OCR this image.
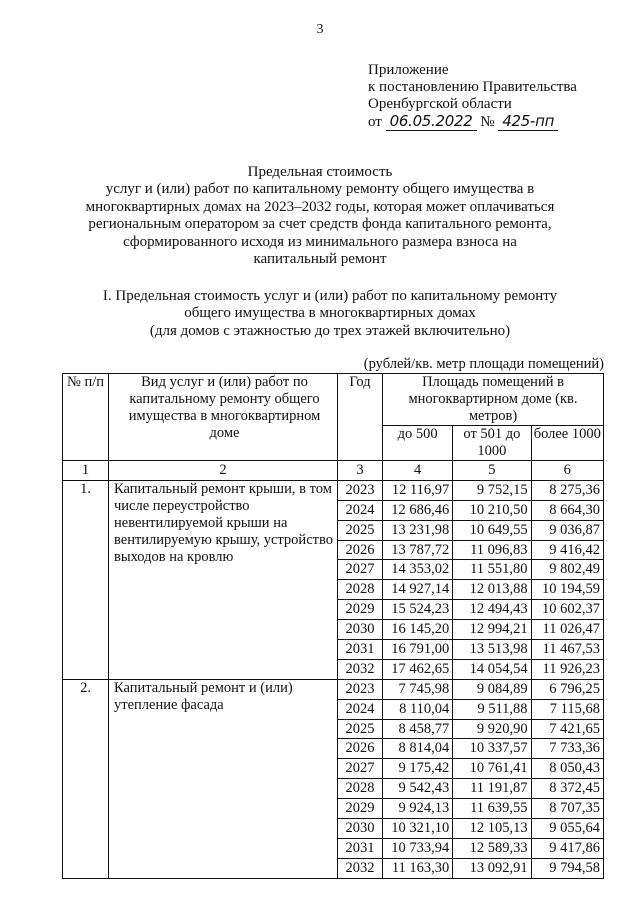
3
Приложение
к постановлению Правительства
Оренбургской области
от 06.05.2022 № 425-пп
Предельная стоимость
услуг и (или) работ по капитальному ремонту общего имущества в
многоквартирных домах на 2023–2032 годы, которая может оплачиваться
региональным оператором за счет средств фонда капитального ремонта,
сформированного исходя из минимального размера взноса на
капитальный ремонт
I. Предельная стоимость услуг и (или) работ по капитальному ремонту
общего имущества в многоквартирных домах
(для домов с этажностью до трех этажей включительно)
(рублей/кв. метр площади помещений)
№ п/п	Вид услуг и (или) работ по капитальному ремонту общего имущества в многоквартирном доме	Год	Площадь помещений в многоквартирном доме (кв. метров)		
			до 500	от 501 до 1000	более 1000
1	2	3	4	5	6
1.	Капитальный ремонт крыши, в том числе переустройство невентилируемой крыши на вентилируемую крышу, устройство выходов на кровлю	2023	12 116,97	9 752,15	8 275,36
		2024	12 686,46	10 210,50	8 664,30
		2025	13 231,98	10 649,55	9 036,87
		2026	13 787,72	11 096,83	9 416,42
		2027	14 353,02	11 551,80	9 802,49
		2028	14 927,14	12 013,88	10 194,59
		2029	15 524,23	12 494,43	10 602,37
		2030	16 145,20	12 994,21	11 026,47
		2031	16 791,00	13 513,98	11 467,53
		2032	17 462,65	14 054,54	11 926,23
2.	Капитальный ремонт и (или) утепление фасада	2023	7 745,98	9 084,89	6 796,25
		2024	8 110,04	9 511,88	7 115,68
		2025	8 458,77	9 920,90	7 421,65
		2026	8 814,04	10 337,57	7 733,36
		2027	9 175,42	10 761,41	8 050,43
		2028	9 542,43	11 191,87	8 372,45
		2029	9 924,13	11 639,55	8 707,35
		2030	10 321,10	12 105,13	9 055,64
		2031	10 733,94	12 589,33	9 417,86
		2032	11 163,30	13 092,91	9 794,58
